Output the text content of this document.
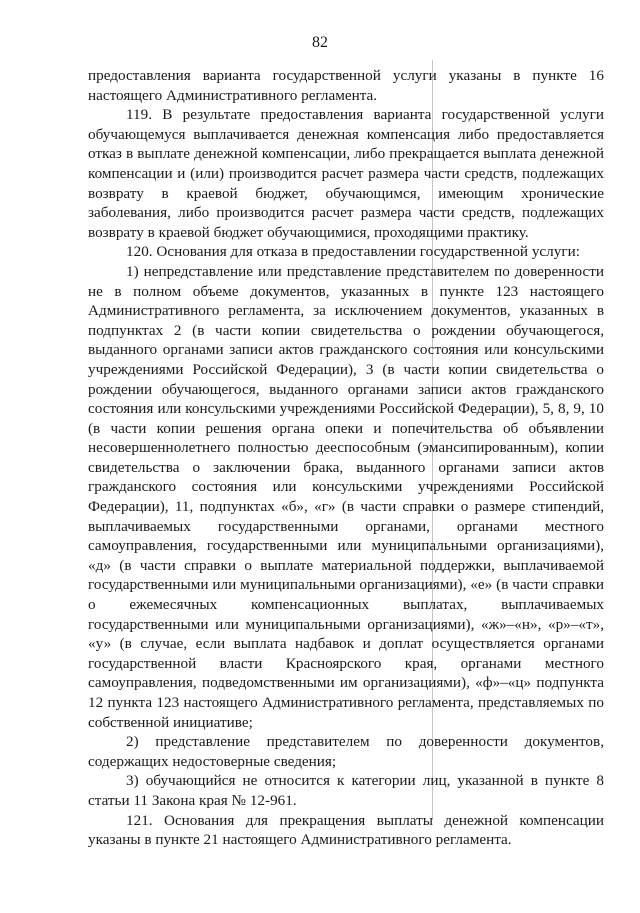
82

предоставления варианта государственной услуги указаны в пункте 16 настоящего Административного регламента.

119. В результате предоставления варианта государственной услуги обучающемуся выплачивается денежная компенсация либо предоставляется отказ в выплате денежной компенсации, либо прекращается выплата денежной компенсации и (или) производится расчет размера части средств, подлежащих возврату в краевой бюджет, обучающимся, имеющим хронические заболевания, либо производится расчет размера части средств, подлежащих возврату в краевой бюджет обучающимися, проходящими практику.

120. Основания для отказа в предоставлении государственной услуги:

1) непредставление или представление представителем по доверенности не в полном объеме документов, указанных в пункте 123 настоящего Административного регламента, за исключением документов, указанных в подпунктах 2 (в части копии свидетельства о рождении обучающегося, выданного органами записи актов гражданского состояния или консульскими учреждениями Российской Федерации), 3 (в части копии свидетельства о рождении обучающегося, выданного органами записи актов гражданского состояния или консульскими учреждениями Российской Федерации), 5, 8, 9, 10 (в части копии решения органа опеки и попечительства об объявлении несовершеннолетнего полностью дееспособным (эмансипированным), копии свидетельства о заключении брака, выданного органами записи актов гражданского состояния или консульскими учреждениями Российской Федерации), 11, подпунктах «б», «г» (в части справки о размере стипендий, выплачиваемых государственными органами, органами местного самоуправления, государственными или муниципальными организациями), «д» (в части справки о выплате материальной поддержки, выплачиваемой государственными или муниципальными организациями), «е» (в части справки о ежемесячных компенсационных выплатах, выплачиваемых государственными или муниципальными организациями), «ж»–«н», «р»–«т», «у» (в случае, если выплата надбавок и доплат осуществляется органами государственной власти Красноярского края, органами местного самоуправления, подведомственными им организациями), «ф»–«ц» подпункта 12 пункта 123 настоящего Административного регламента, представляемых по собственной инициативе;

2) представление представителем по доверенности документов, содержащих недостоверные сведения;

3) обучающийся не относится к категории лиц, указанной в пункте 8 статьи 11 Закона края № 12-961.

121. Основания для прекращения выплаты денежной компенсации указаны в пункте 21 настоящего Административного регламента.
